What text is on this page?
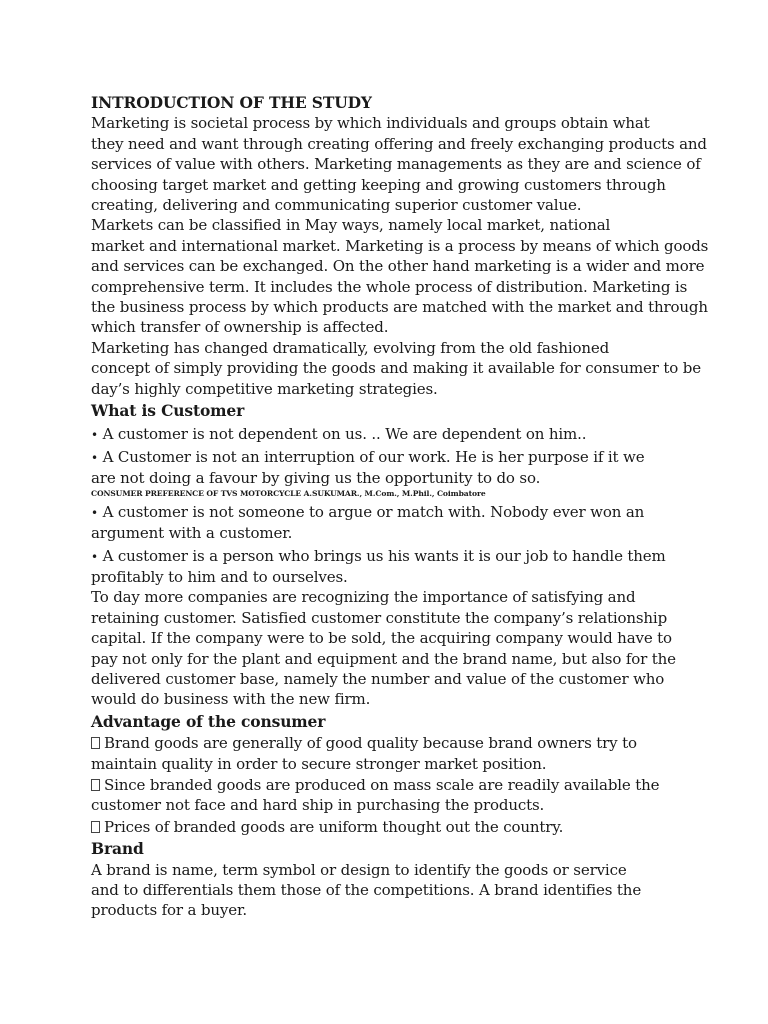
INTRODUCTION OF THE STUDY
Marketing is societal process by which individuals and groups obtain what
they need and want through creating offering and freely exchanging products and
services of value with others. Marketing managements as they are and science of
choosing target market and getting keeping and growing customers through
creating, delivering and communicating superior customer value.
Markets can be classified in May ways, namely local market, national
market and international market. Marketing is a process by means of which goods
and services can be exchanged. On the other hand marketing is a wider and more
comprehensive term. It includes the whole process of distribution. Marketing is
the business process by which products are matched with the market and through
which transfer of ownership is affected.
Marketing has changed dramatically, evolving from the old fashioned
concept of simply providing the goods and making it available for consumer to be
day’s highly competitive marketing strategies.
What is Customer
• A customer is not dependent on us. .. We are dependent on him..
• A Customer is not an interruption of our work. He is her purpose if it we
are not doing a favour by giving us the opportunity to do so.
CONSUMER PREFERENCE OF TVS MOTORCYCLE A.SUKUMAR., M.Com., M.Phil., Coimbatore
• A customer is not someone to argue or match with. Nobody ever won an
argument with a customer.
• A customer is a person who brings us his wants it is our job to handle them
profitably to him and to ourselves.
To day more companies are recognizing the importance of satisfying and
retaining customer. Satisfied customer constitute the company’s relationship
capital. If the company were to be sold, the acquiring company would have to
pay not only for the plant and equipment and the brand name, but also for the
delivered customer base, namely the number and value of the customer who
would do business with the new firm.
Advantage of the consumer
Brand goods are generally of good quality because brand owners try to
maintain quality in order to secure stronger market position.
Since branded goods are produced on mass scale are readily available the
customer not face and hard ship in purchasing the products.
Prices of branded goods are uniform thought out the country.
Brand
A brand is name, term symbol or design to identify the goods or service
and to differentials them those of the competitions. A brand identifies the
products for a buyer.
